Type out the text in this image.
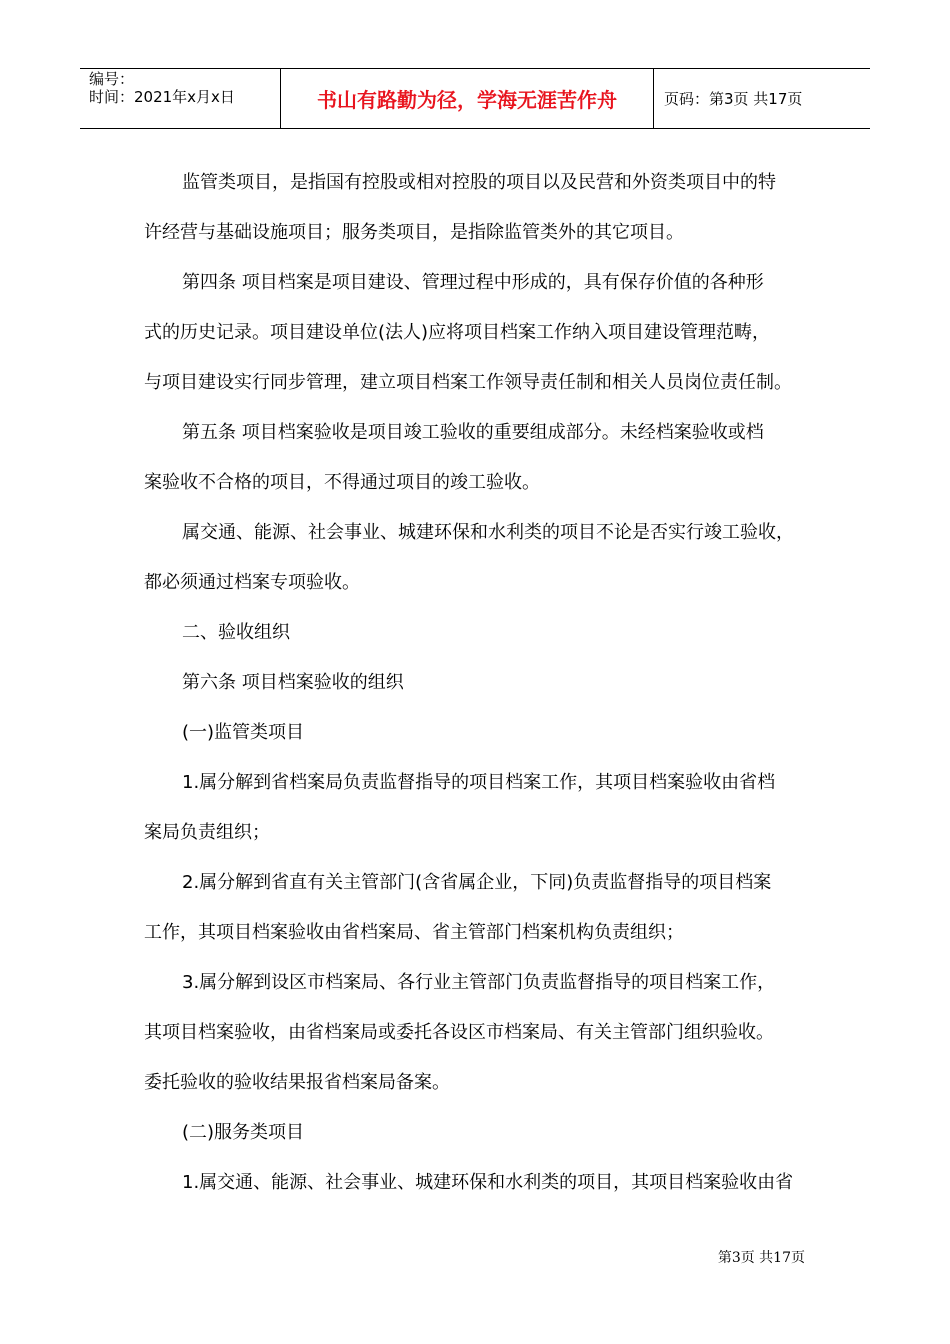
编号：
时间：2021年x月x日	书山有路勤为径，学海无涯苦作舟	页码：第3页 共17页

监管类项目，是指国有控股或相对控股的项目以及民营和外资类项目中的特

许经营与基础设施项目；服务类项目，是指除监管类外的其它项目。

第四条 项目档案是项目建设、管理过程中形成的，具有保存价值的各种形

式的历史记录。项目建设单位(法人)应将项目档案工作纳入项目建设管理范畴，

与项目建设实行同步管理，建立项目档案工作领导责任制和相关人员岗位责任制。

第五条 项目档案验收是项目竣工验收的重要组成部分。未经档案验收或档

案验收不合格的项目，不得通过项目的竣工验收。

属交通、能源、社会事业、城建环保和水利类的项目不论是否实行竣工验收，

都必须通过档案专项验收。

二、验收组织

第六条 项目档案验收的组织

(一)监管类项目

1.属分解到省档案局负责监督指导的项目档案工作，其项目档案验收由省档

案局负责组织；

2.属分解到省直有关主管部门(含省属企业，下同)负责监督指导的项目档案

工作，其项目档案验收由省档案局、省主管部门档案机构负责组织；

3.属分解到设区市档案局、各行业主管部门负责监督指导的项目档案工作，

其项目档案验收，由省档案局或委托各设区市档案局、有关主管部门组织验收。

委托验收的验收结果报省档案局备案。

(二)服务类项目

1.属交通、能源、社会事业、城建环保和水利类的项目，其项目档案验收由省

第3页 共17页
